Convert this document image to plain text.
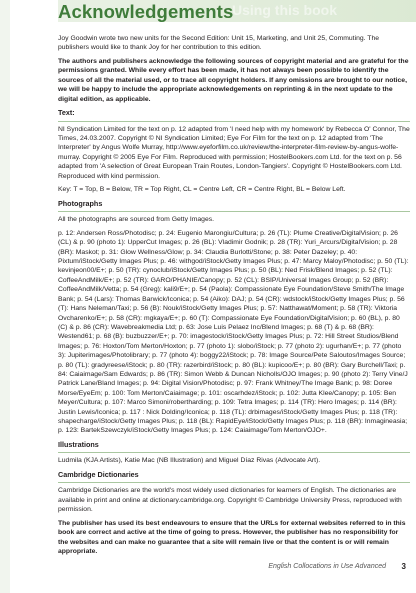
Acknowledgements
Using this book

Joy Goodwin wrote two new units for the Second Edition: Unit 15, Marketing, and Unit 25, Commuting. The publishers would like to thank Joy for her contribution to this edition.

The authors and publishers acknowledge the following sources of copyright material and are grateful for the permissions granted. While every effort has been made, it has not always been possible to identify the sources of all the material used, or to trace all copyright holders. If any omissions are brought to our notice, we will be happy to include the appropriate acknowledgements on reprinting & in the next update to the digital edition, as applicable.

Text:

NI Syndication Limited for the text on p. 12 adapted from 'I need help with my homework' by Rebecca O' Connor, The Times, 24.03.2007. Copyright © NI Syndication Limited; Eye For Film for the text on p. 12 adapted from 'The Interpreter' by Angus Wolfe Murray, http://www.eyeforfilm.co.uk/review/the-interpreter-film-review-by-angus-wolfe-murray. Copyright © 2005 Eye For Film. Reproduced with permission; HostelBookers.com Ltd. for the text on p. 56 adapted from 'A selection of Great European Train Routes, London-Tangiers'. Copyright © HostelBookers.com Ltd. Reproduced with kind permission.

Key: T = Top, B = Below, TR = Top Right, CL = Centre Left, CR = Centre Right, BL = Below Left.

Photographs

All the photographs are sourced from Getty Images.

p. 12: Andersen Ross/Photodisc; p. 24: Eugenio Marongiu/Cultura; p. 26 (TL): Plume Creative/DigitalVision; p. 26 (CL) & p. 90 (photo 1): UpperCut Images; p. 26 (BL): Vladimir Godnik; p. 28 (TR): Yuri_Arcurs/DigitalVision; p. 28 (BR): Maskot; p. 31: Glow Wellness/Glow; p. 34: Claudia Burlotti/Stone; p. 38: Peter Dazeley; p. 40: Pixtum/iStock/Getty Images Plus; p. 46: withgod/iStock/Getty Images Plus; p. 47: Marcy Maloy/Photodisc; p. 50 (TL): kevinjeon00/E+; p. 50 (TR): cynoclub/iStock/Getty Images Plus; p. 50 (BL): Ned Frisk/Blend Images; p. 52 (TL): CoffeeAndMilk/E+; p. 52 (TR): GARO/PHANIE/Canopy; p. 52 (CL): BSIP/Universal Images Group; p. 52 (BR): CoffeeAndMilk/Vetta; p. 54 (Greg): kali9/E+; p. 54 (Paola): Compassionate Eye Foundation/Steve Smith/The Image Bank; p. 54 (Lars): Thomas Barwick/Iconica; p. 54 (Aiko): DAJ; p. 54 (CR): wdstock/iStock/Getty Images Plus; p. 56 (T): Hans Neleman/Taxi; p. 56 (B): Nouk/iStock/Getty Images Plus; p. 57: Natthawat/Moment; p. 58 (TR): Viktoria Ovcharenko/E+; p. 58 (CR): mgkaya/E+; p. 60 (T): Compassionate Eye Foundation/DigitalVision; p. 60 (BL), p. 80 (C) & p. 86 (CR): Wavebreakmedia Ltd; p. 63: Jose Luis Pelaez Inc/Blend Images; p. 68 (T) & p. 68 (BR): Westend61; p. 68 (B): buzbuzzer/E+; p. 70: imagestock/iStock/Getty Images Plus; p. 72: Hill Street Studios/Blend Images; p. 76: Hoxton/Tom Merton/Hoxton; p. 77 (photo 1): slobo/iStock; p. 77 (photo 2): ugurhan/E+; p. 77 (photo 3): Jupiterimages/Photolibrary; p. 77 (photo 4): boggy22/iStock; p. 78: Image Source/Pete Saloutos/Images Source; p. 80 (TL): gradyreese/iStock; p. 80 (TR): razerbird/iStock; p. 80 (BL): kupicoo/E+; p. 80 (BR): Gary Burchell/Taxi; p. 84: Caiaimage/Sam Edwards; p. 86 (TR): Simon Webb & Duncan Nicholls/OJO Images; p. 90 (photo 2): Terry Vine/J Patrick Lane/Bland Images; p. 94: Digital Vision/Photodisc; p. 97: Frank Whitney/The Image Bank; p. 98: Doree Morse/EyeEm; p. 100: Tom Merton/Caiaimage; p. 101: oscarhdez/iStock; p. 102: Jutta Klee/Canopy; p. 105: Ben Meyer/Cultura; p. 107: Marco Simoni/robertharding; p. 109: Tetra Images; p. 114 (TR): Hero Images; p. 114 (BR): Justin Lewis/Iconica; p. 117 : Nick Dolding/Iconica; p. 118 (TL): drbimages/iStock/Getty Images Plus; p. 118 (TR): shapecharge/iStock/Getty Images Plus; p. 118 (BL): RapidEye/iStock/Getty Images Plus; p. 118 (BR): Inmagineasia; p. 123: BartekSzewczyk/iStock/Getty Images Plus; p. 124: Caiaimage/Tom Merton/OJO+.

Illustrations

Ludmila (KJA Artists), Katie Mac (NB Illustration) and Miguel Díaz Rivas (Advocate Art).

Cambridge Dictionaries

Cambridge Dictionaries are the world's most widely used dictionaries for learners of English. The dictionaries are available in print and online at dictionary.cambridge.org. Copyright © Cambridge University Press, reproduced with permission.

The publisher has used its best endeavours to ensure that the URLs for external websites referred to in this book are correct and active at the time of going to press. However, the publisher has no responsibility for the websites and can make no guarantee that a site will remain live or that the content is or will remain appropriate.

English Collocations in Use Advanced 3
